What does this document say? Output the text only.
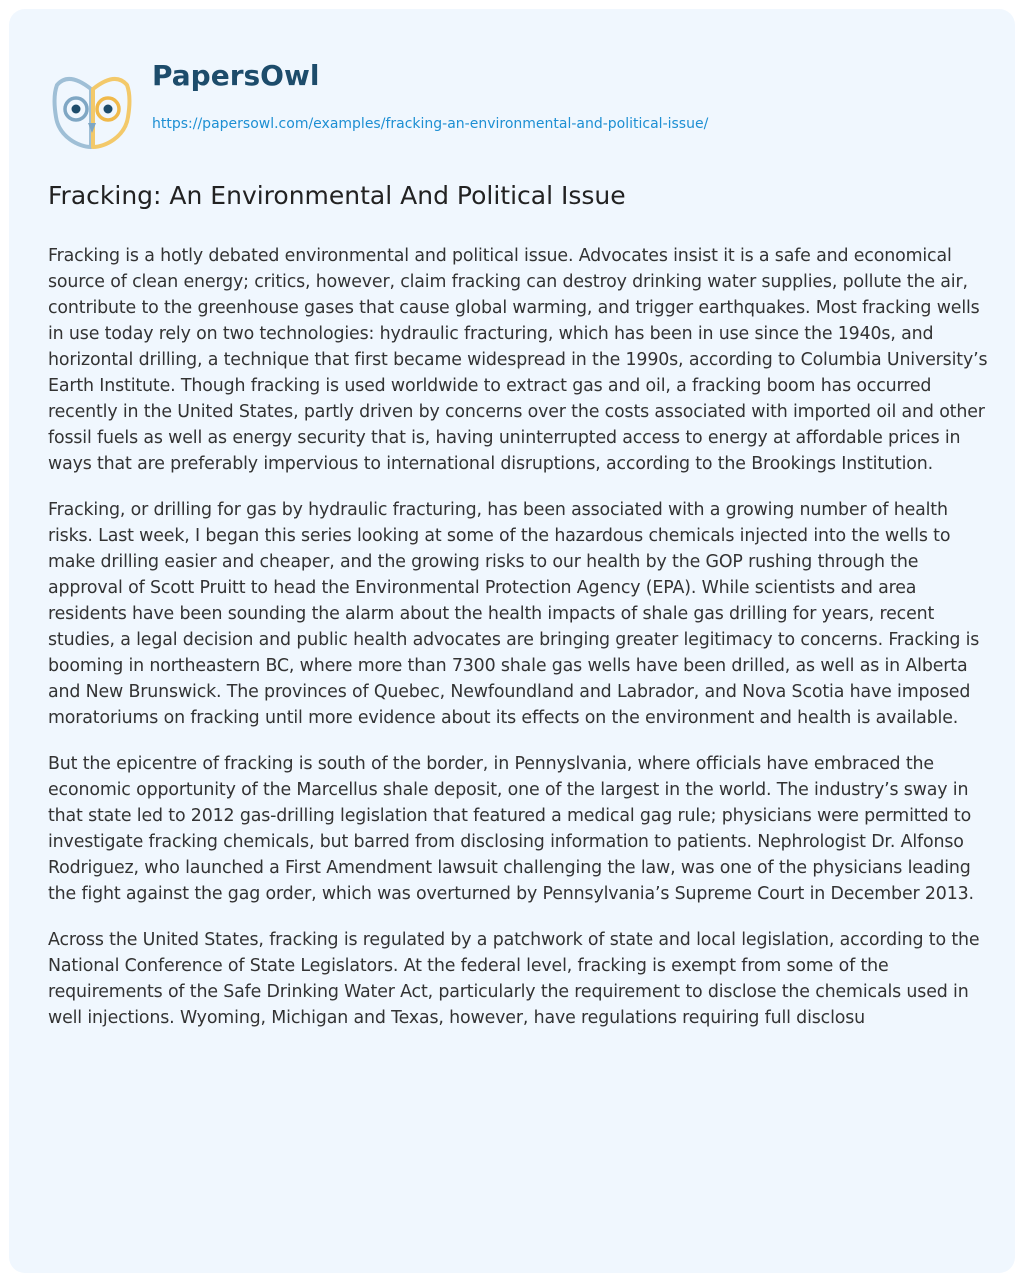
PapersOwl
https://papersowl.com/examples/fracking-an-environmental-and-political-issue/
Fracking: An Environmental And Political Issue

Fracking is a hotly debated environmental and political issue. Advocates insist it is a safe and economical source of clean energy; critics, however, claim fracking can destroy drinking water supplies, pollute the air, contribute to the greenhouse gases that cause global warming, and trigger earthquakes. Most fracking wells in use today rely on two technologies: hydraulic fracturing, which has been in use since the 1940s, and horizontal drilling, a technique that first became widespread in the 1990s, according to Columbia University’s Earth Institute. Though fracking is used worldwide to extract gas and oil, a fracking boom has occurred recently in the United States, partly driven by concerns over the costs associated with imported oil and other fossil fuels as well as energy security that is, having uninterrupted access to energy at affordable prices in ways that are preferably impervious to international disruptions, according to the Brookings Institution.

Fracking, or drilling for gas by hydraulic fracturing, has been associated with a growing number of health risks. Last week, I began this series looking at some of the hazardous chemicals injected into the wells to make drilling easier and cheaper, and the growing risks to our health by the GOP rushing through the approval of Scott Pruitt to head the Environmental Protection Agency (EPA). While scientists and area residents have been sounding the alarm about the health impacts of shale gas drilling for years, recent studies, a legal decision and public health advocates are bringing greater legitimacy to concerns. Fracking is booming in northeastern BC, where more than 7300 shale gas wells have been drilled, as well as in Alberta and New Brunswick. The provinces of Quebec, Newfoundland and Labrador, and Nova Scotia have imposed moratoriums on fracking until more evidence about its effects on the environment and health is available.

But the epicentre of fracking is south of the border, in Pennyslvania, where officials have embraced the economic opportunity of the Marcellus shale deposit, one of the largest in the world. The industry’s sway in that state led to 2012 gas-drilling legislation that featured a medical gag rule; physicians were permitted to investigate fracking chemicals, but barred from disclosing information to patients. Nephrologist Dr. Alfonso Rodriguez, who launched a First Amendment lawsuit challenging the law, was one of the physicians leading the fight against the gag order, which was overturned by Pennsylvania’s Supreme Court in December 2013.

Across the United States, fracking is regulated by a patchwork of state and local legislation, according to the National Conference of State Legislators. At the federal level, fracking is exempt from some of the requirements of the Safe Drinking Water Act, particularly the requirement to disclose the chemicals used in well injections. Wyoming, Michigan and Texas, however, have regulations requiring full disclosu
